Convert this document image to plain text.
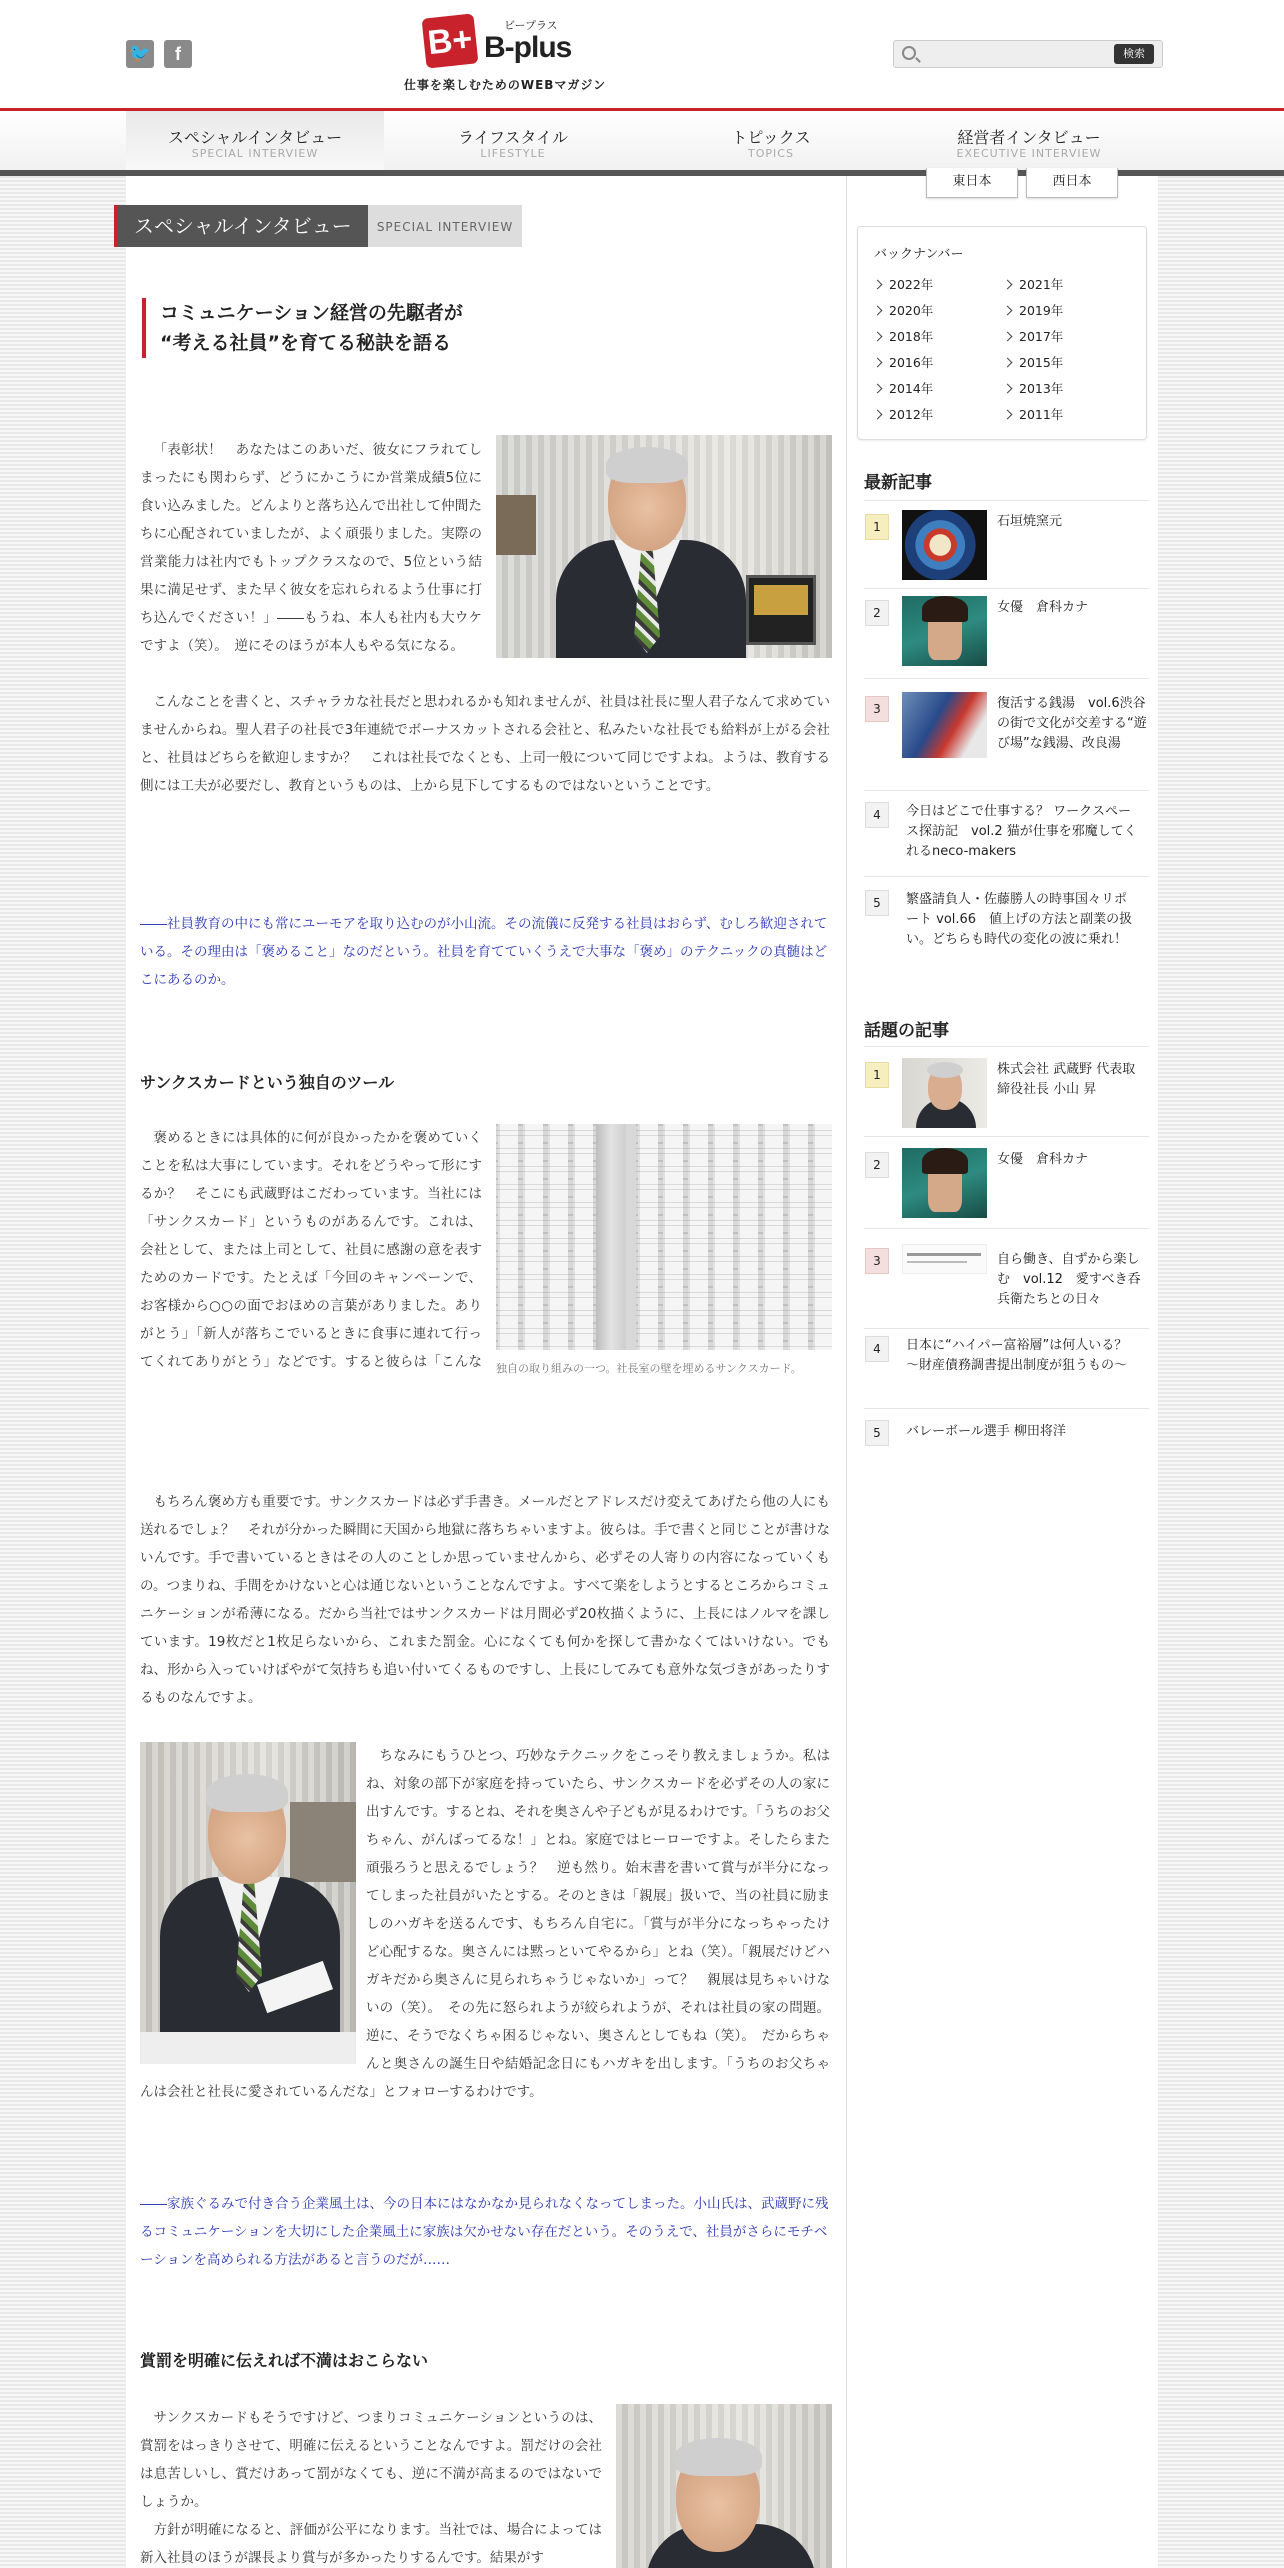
🐦	f	B+	ビープラス
B-plus
仕事を楽しむためのWEBマガジン
検索
スペシャルインタビュー
SPECIAL INTERVIEW
ライフスタイル
LIFESTYLE
トピックス
TOPICS
経営者インタビュー
EXECUTIVE INTERVIEW
東日本	西日本
スペシャルインタビュー	SPECIAL INTERVIEW
コミュニケーション経営の先駆者が
“考える社員”を育てる秘訣を語る
「表彰状！　あなたはこのあいだ、彼女にフラれてしまったにも関わらず、どうにかこうにか営業成績5位に食い込みました。どんよりと落ち込んで出社して仲間たちに心配されていましたが、よく頑張りました。実際の営業能力は社内でもトップクラスなので、5位という結果に満足せず、また早く彼女を忘れられるよう仕事に打ち込んでください！」――もうね、本人も社内も大ウケですよ（笑）。　逆にそのほうが本人もやる気になる。
こんなことを書くと、スチャラカな社長だと思われるかも知れませんが、社員は社長に聖人君子なんて求めていませんからね。聖人君子の社長で3年連続でボーナスカットされる会社と、私みたいな社長でも給料が上がる会社と、社員はどちらを歓迎しますか？　これは社長でなくとも、上司一般について同じですよね。ようは、教育する側には工夫が必要だし、教育というものは、上から見下してするものではないということです。
――社員教育の中にも常にユーモアを取り込むのが小山流。その流儀に反発する社員はおらず、むしろ歓迎されている。その理由は「褒めること」なのだという。社員を育てていくうえで大事な「褒め」のテクニックの真髄はどこにあるのか。
サンクスカードという独自のツール
独自の取り組みの一つ。社長室の壁を埋めるサンクスカード。
褒めるときには具体的に何が良かったかを褒めていくことを私は大事にしています。それをどうやって形にするか？　そこにも武蔵野はこだわっています。当社には「サンクスカード」というものがあるんです。これは、会社として、または上司として、社員に感謝の意を表すためのカードです。たとえば「今回のキャンペーンで、お客様から○○の面でおほめの言葉がありました。ありがとう」「新人が落ちこでいるときに食事に連れて行ってくれてありがとう」などです。すると彼らは「こんな
もちろん褒め方も重要です。サンクスカードは必ず手書き。メールだとアドレスだけ変えてあげたら他の人にも送れるでしょ？　それが分かった瞬間に天国から地獄に落ちちゃいますよ。彼らは。手で書くと同じことが書けないんです。手で書いているときはその人のことしか思っていませんから、必ずその人寄りの内容になっていくもの。つまりね、手間をかけないと心は通じないということなんですよ。すべて楽をしようとするところからコミュニケーションが希薄になる。だから当社ではサンクスカードは月間必ず20枚描くように、上長にはノルマを課しています。19枚だと1枚足らないから、これまた罰金。心になくても何かを探して書かなくてはいけない。でもね、形から入っていけばやがて気持ちも追い付いてくるものですし、上長にしてみても意外な気づきがあったりするものなんですよ。
ちなみにもうひとつ、巧妙なテクニックをこっそり教えましょうか。私はね、対象の部下が家庭を持っていたら、サンクスカードを必ずその人の家に出すんです。するとね、それを奥さんや子どもが見るわけです。「うちのお父ちゃん、がんばってるな！」とね。家庭ではヒーローですよ。そしたらまた頑張ろうと思えるでしょう？　逆も然り。始末書を書いて賞与が半分になってしまった社員がいたとする。そのときは「親展」扱いで、当の社員に励ましのハガキを送るんです、もちろん自宅に。「賞与が半分になっちゃったけど心配するな。奥さんには黙っといてやるから」とね（笑）。「親展だけどハガキだから奥さんに見られちゃうじゃないか」って？　親展は見ちゃいけないの（笑）。　その先に怒られようが絞られようが、それは社員の家の問題。逆に、そうでなくちゃ困るじゃない、奥さんとしてもね（笑）。　だからちゃんと奥さんの誕生日や結婚記念日にもハガキを出します。「うちのお父ちゃんは会社と社長に愛されているんだな」とフォローするわけです。
――家族ぐるみで付き合う企業風土は、今の日本にはなかなか見られなくなってしまった。小山氏は、武蔵野に残るコミュニケーションを大切にした企業風土に家族は欠かせない存在だという。そのうえで、社員がさらにモチベーションを高められる方法があると言うのだが……
賞罰を明確に伝えれば不満はおこらない
サンクスカードもそうですけど、つまりコミュニケーションというのは、賞罰をはっきりさせて、明確に伝えるということなんですよ。罰だけの会社は息苦しいし、賞だけあって罰がなくても、逆に不満が高まるのではないでしょうか。
方針が明確になると、評価が公平になります。当社では、場合によっては新入社員のほうが課長より賞与が多かったりするんです。結果がす
バックナンバー
2022年	2021年
2020年	2019年
2018年	2017年
2016年	2015年
2014年	2013年
2012年	2011年
最新記事
1	石垣焼窯元
2	女優　倉科カナ
3	復活する銭湯　vol.6渋谷の街で文化が交差する“遊び場”な銭湯、改良湯
4	今日はどこで仕事する？ ワークスペース探訪記　vol.2 猫が仕事を邪魔してくれるneco-makers
5	繁盛請負人・佐藤勝人の時事国々リポート vol.66　値上げの方法と副業の扱い。どちらも時代の変化の波に乗れ！
話題の記事
1	株式会社 武蔵野 代表取締役社長 小山 昇
2	女優　倉科カナ
3	自ら働き、自ずから楽しむ　vol.12　愛すべき呑兵衛たちとの日々
4	日本に“ハイパー富裕層”は何人いる？ ～財産債務調書提出制度が狙うもの～
5	バレーボール選手 柳田将洋
